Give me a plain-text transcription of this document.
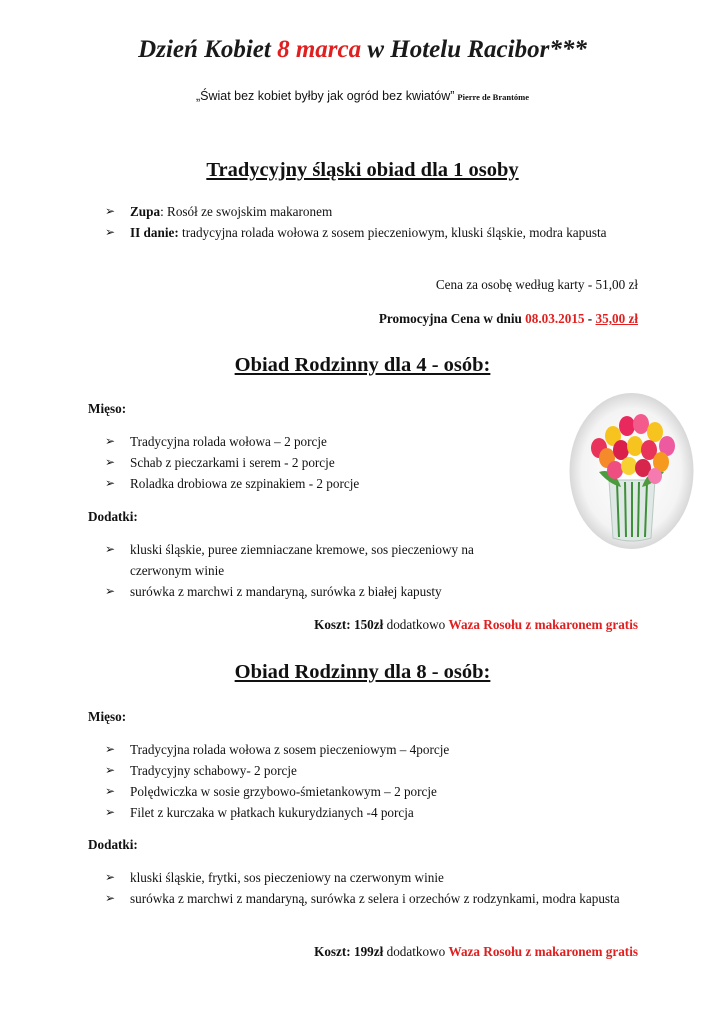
Dzień Kobiet 8 marca w Hotelu Racibor***
„Świat bez kobiet byłby jak ogród bez kwiatów” Pierre de Brantóme
Tradycyjny śląski obiad dla 1 osoby
➢ Zupa: Rosół ze swojskim makaronem
➢ II danie: tradycyjna rolada wołowa z sosem pieczeniowym, kluski śląskie, modra kapusta
Cena za osobę według karty - 51,00 zł
Promocyjna Cena w dniu 08.03.2015 - 35,00 zł
Obiad Rodzinny dla 4 - osób:
Mięso:
➢ Tradycyjna rolada wołowa – 2 porcje
➢ Schab z pieczarkami i serem - 2 porcje
➢ Roladka drobiowa ze szpinakiem - 2 porcje
Dodatki:
➢ kluski śląskie, puree ziemniaczane kremowe, sos pieczeniowy na czerwonym winie
➢ surówka z marchwi z mandaryną, surówka z białej kapusty
Koszt: 150zł dodatkowo Waza Rosołu z makaronem gratis
Obiad Rodzinny dla 8 - osób:
Mięso:
➢ Tradycyjna rolada wołowa z sosem pieczeniowym – 4porcje
➢ Tradycyjny schabowy- 2 porcje
➢ Polędwiczka w sosie grzybowo-śmietankowym – 2 porcje
➢ Filet z kurczaka w płatkach kukurydzianych -4 porcja
Dodatki:
➢ kluski śląskie, frytki, sos pieczeniowy na czerwonym winie
➢ surówka z marchwi z mandaryną, surówka z selera i orzechów z rodzynkami, modra kapusta
Koszt: 199zł dodatkowo Waza Rosołu z makaronem gratis
